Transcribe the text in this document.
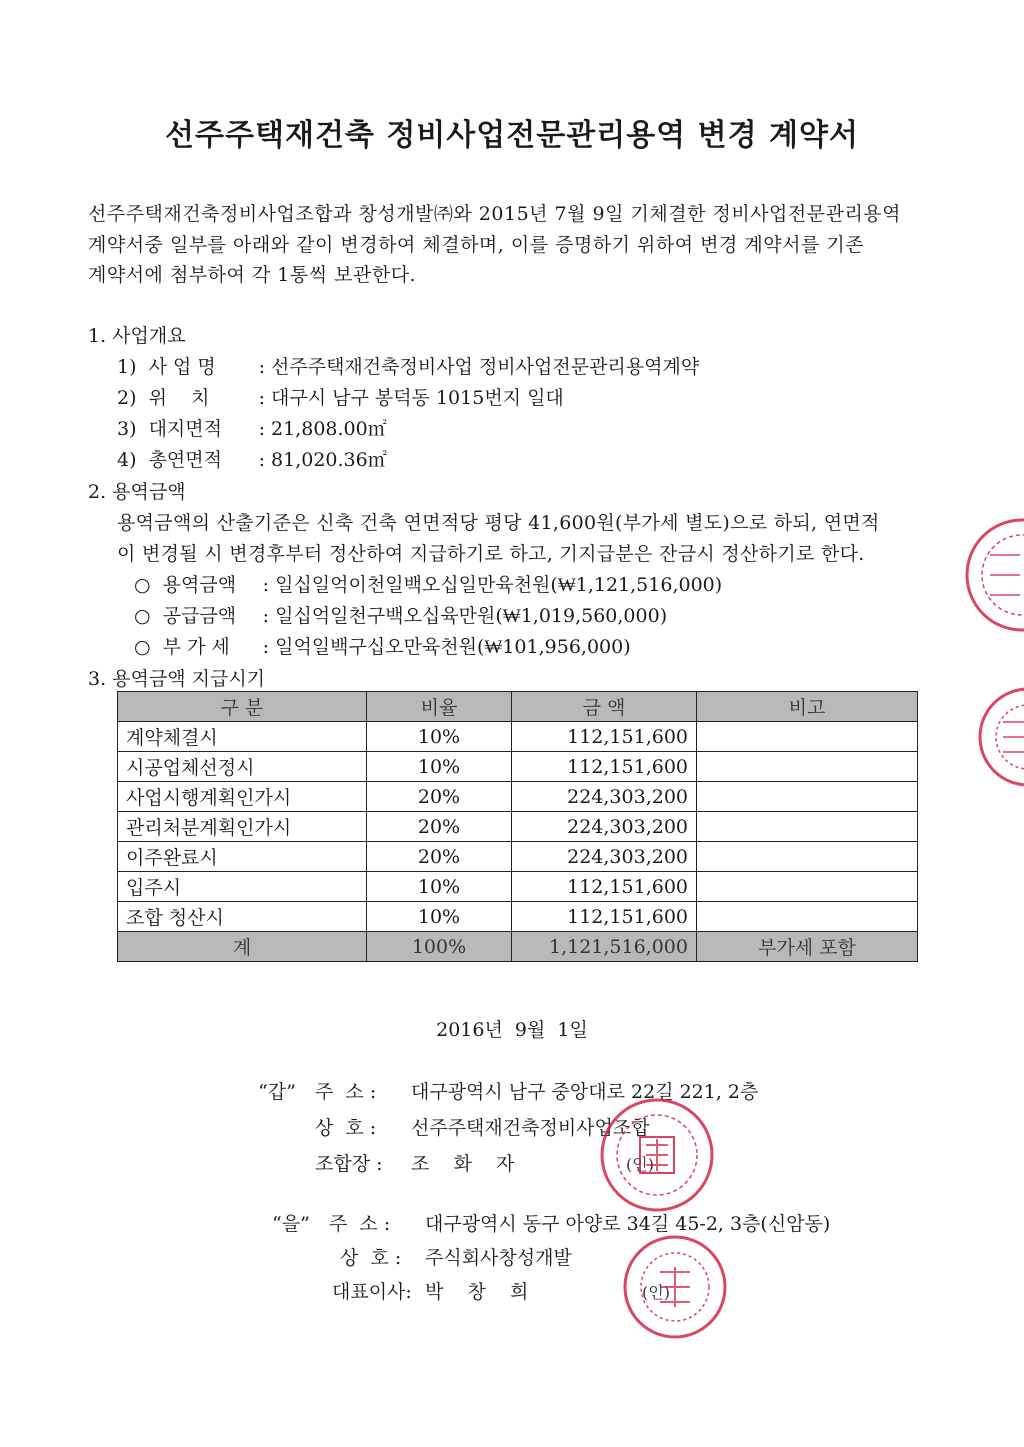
선주주택재건축 정비사업전문관리용역 변경 계약서
선주주택재건축정비사업조합과 창성개발㈜와 2015년 7월 9일 기체결한 정비사업전문관리용역
계약서중 일부를 아래와 같이 변경하여 체결하며, 이를 증명하기 위하여 변경 계약서를 기존
계약서에 첨부하여 각 1통씩 보관한다.
1. 사업개요
1) 사 업 명 : 선주주택재건축정비사업 정비사업전문관리용역계약
2) 위    치	: 대구시 남구 봉덕동 1015번지 일대
3) 대지면적 : 21,808.00㎡
4) 총연면적 : 81,020.36㎡
2. 용역금액
용역금액의 산출기준은 신축 건축 연면적당 평당 41,600원(부가세 별도)으로 하되, 연면적
이 변경될 시 변경후부터 정산하여 지급하기로 하고, 기지급분은 잔금시 정산하기로 한다.
○ 용역금액 : 일십일억이천일백오십일만육천원(₩1,121,516,000)
○ 공급금액 : 일십억일천구백오십육만원(₩1,019,560,000)
○ 부 가 세 : 일억일백구십오만육천원(₩101,956,000)
3. 용역금액 지급시기
구 분	비율	금 액	비고
계약체결시	10%	112,151,600	
시공업체선정시	10%	112,151,600	
사업시행계획인가시	20%	224,303,200	
관리처분계획인가시	20%	224,303,200	
이주완료시	20%	224,303,200	
입주시	10%	112,151,600	
조합 청산시	10%	112,151,600	
계	100%	1,121,516,000	부가세 포함
2016년  9월  1일
“갑” 주  소 : 대구광역시 남구 중앙대로 22길 221, 2층
상  호 : 선주주택재건축정비사업조합
조합장 : 조    화    자	(인)
“을” 주  소 : 대구광역시 동구 아양로 34길 45-2, 3층(신암동)
상  호 : 주식회사창성개발
대표이사: 박    창    희	(인)
